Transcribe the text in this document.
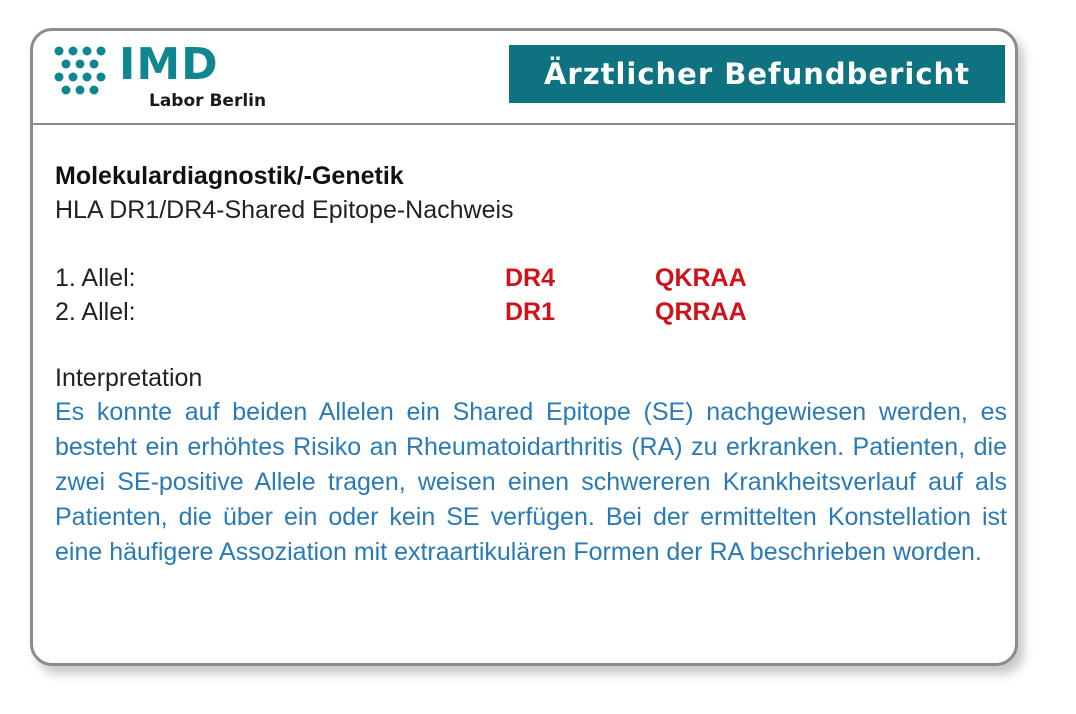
IMD
Labor Berlin
Ärztlicher Befundbericht
Molekulardiagnostik/-Genetik
HLA DR1/DR4-Shared Epitope-Nachweis
1. Allel:	DR4	QKRAA
2. Allel:	DR1	QRRAA
Interpretation
Es konnte auf beiden Allelen ein Shared Epitope (SE) nachgewiesen werden, es besteht ein erhöhtes Risiko an Rheumatoidarthritis (RA) zu erkranken. Patienten, die zwei SE-positive Allele tragen, weisen einen schwereren Krankheitsverlauf auf als Patienten, die über ein oder kein SE verfügen. Bei der ermittelten Konstellation ist eine häufigere Assoziation mit extraartikulären Formen der RA beschrieben worden.
